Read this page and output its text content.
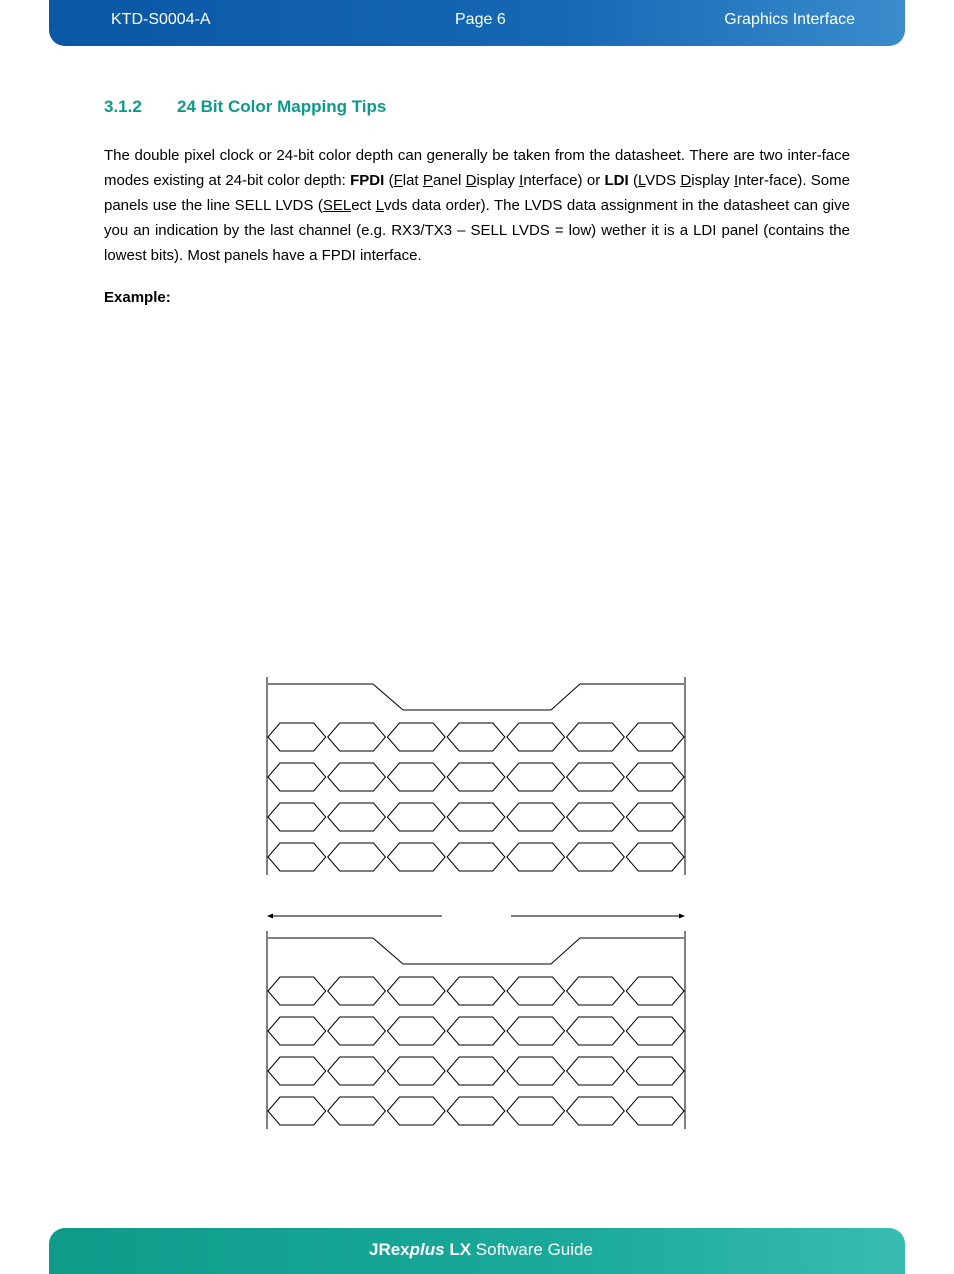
KTD-S0004-A	Page 6	Graphics Interface
3.1.2 24 Bit Color Mapping Tips
The double pixel clock or 24-bit color depth can generally be taken from the datasheet. There are two inter-face modes existing at 24-bit color depth: FPDI (Flat Panel Display Interface) or LDI (LVDS Display Inter-face). Some panels use the line SELL LVDS (SELect Lvds data order). The LVDS data assignment in the datasheet can give you an indication by the last channel (e.g. RX3/TX3 – SELL LVDS = low) wether it is a LDI panel (contains the lowest bits). Most panels have a FPDI interface.
Example:
JRexplus LX Software Guide
